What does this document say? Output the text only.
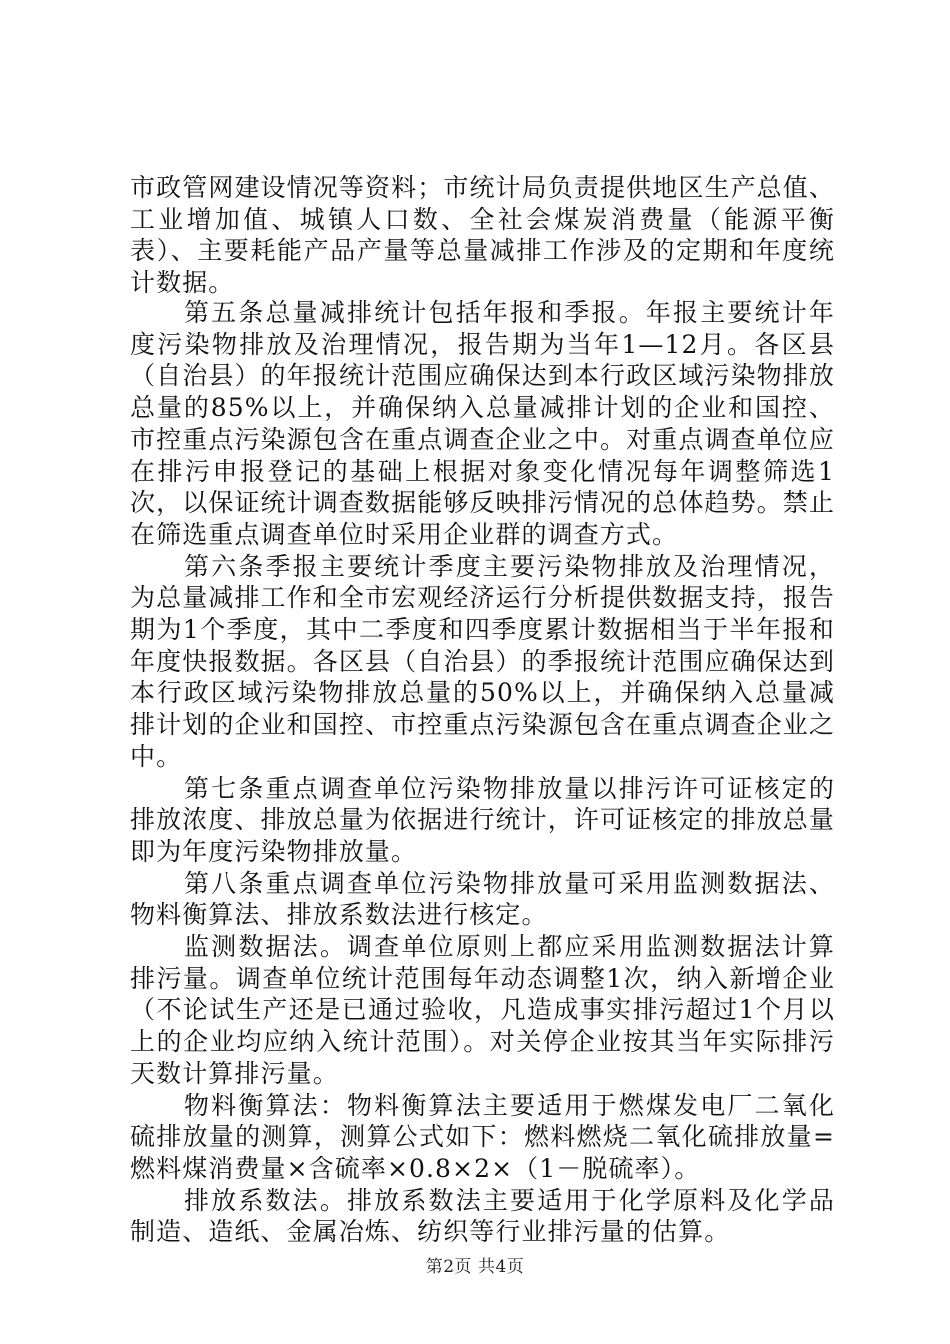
市政管网建设情况等资料；市统计局负责提供地区生产总值、工业增加值、城镇人口数、全社会煤炭消费量（能源平衡表）、主要耗能产品产量等总量减排工作涉及的定期和年度统计数据。

第五条总量减排统计包括年报和季报。年报主要统计年度污染物排放及治理情况，报告期为当年1—12月。各区县（自治县）的年报统计范围应确保达到本行政区域污染物排放总量的85%以上，并确保纳入总量减排计划的企业和国控、市控重点污染源包含在重点调查企业之中。对重点调查单位应在排污申报登记的基础上根据对象变化情况每年调整筛选1次，以保证统计调查数据能够反映排污情况的总体趋势。禁止在筛选重点调查单位时采用企业群的调查方式。

第六条季报主要统计季度主要污染物排放及治理情况，为总量减排工作和全市宏观经济运行分析提供数据支持，报告期为1个季度，其中二季度和四季度累计数据相当于半年报和年度快报数据。各区县（自治县）的季报统计范围应确保达到本行政区域污染物排放总量的50%以上，并确保纳入总量减排计划的企业和国控、市控重点污染源包含在重点调查企业之中。

第七条重点调查单位污染物排放量以排污许可证核定的排放浓度、排放总量为依据进行统计，许可证核定的排放总量即为年度污染物排放量。

第八条重点调查单位污染物排放量可采用监测数据法、物料衡算法、排放系数法进行核定。

监测数据法。调查单位原则上都应采用监测数据法计算排污量。调查单位统计范围每年动态调整1次，纳入新增企业（不论试生产还是已通过验收，凡造成事实排污超过1个月以上的企业均应纳入统计范围）。对关停企业按其当年实际排污天数计算排污量。

物料衡算法：物料衡算法主要适用于燃煤发电厂二氧化硫排放量的测算，测算公式如下：燃料燃烧二氧化硫排放量=燃料煤消费量×含硫率×0.8×2×（1－脱硫率）。

排放系数法。排放系数法主要适用于化学原料及化学品制造、造纸、金属冶炼、纺织等行业排污量的估算。

第2页 共4页
